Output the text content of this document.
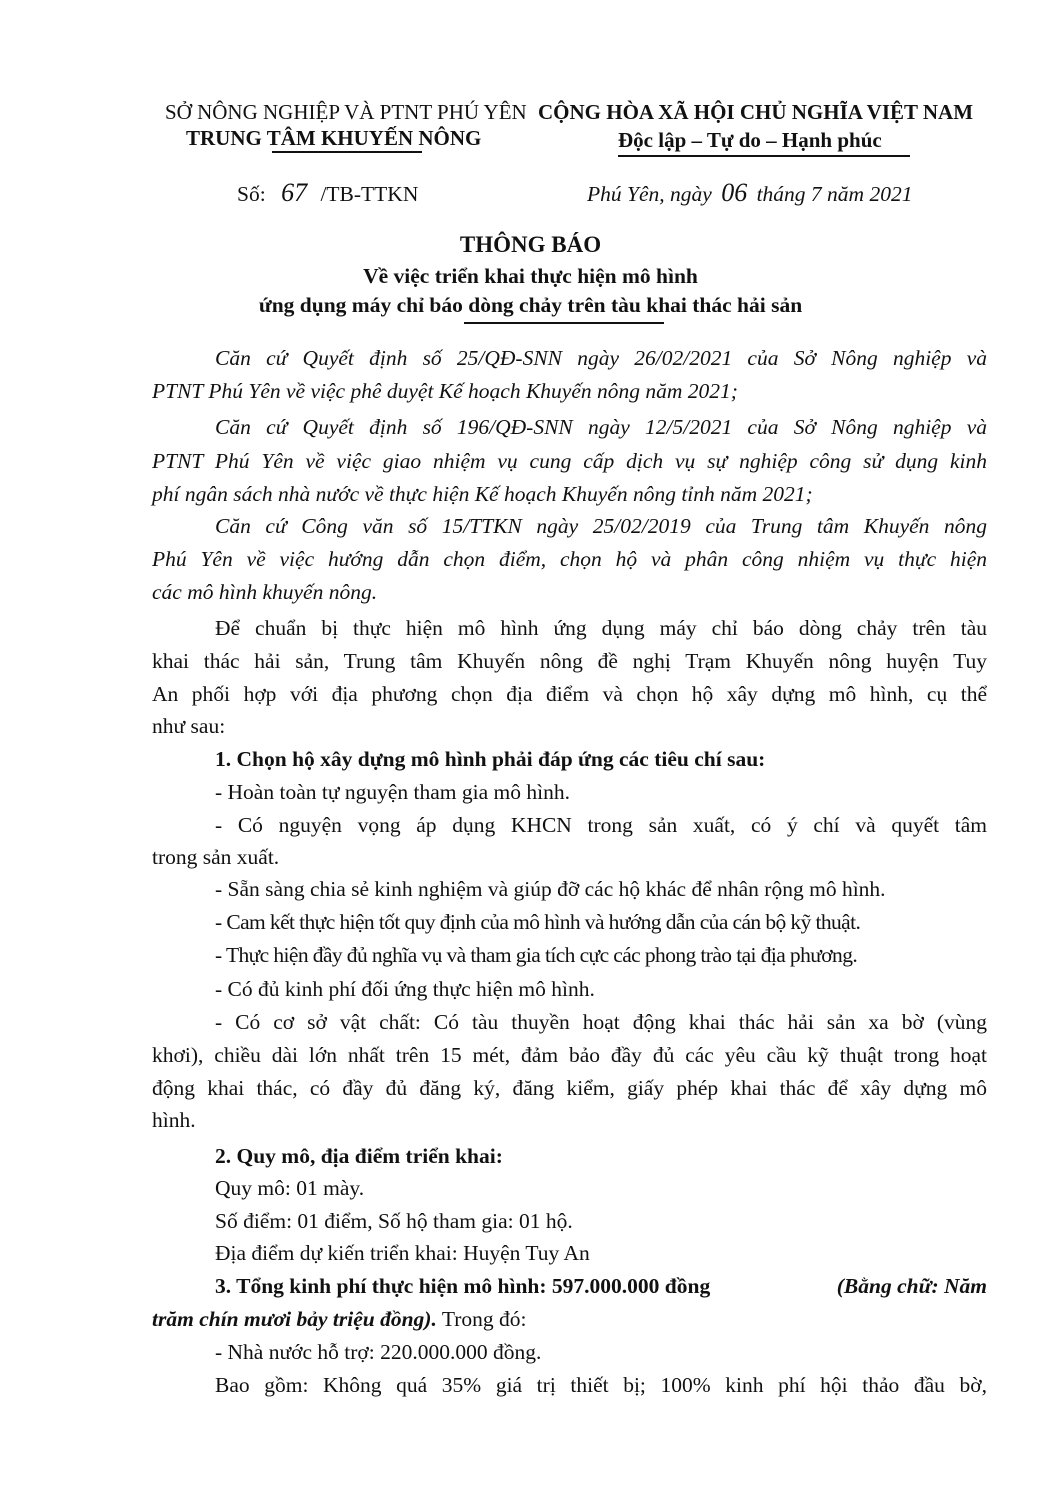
SỞ NÔNG NGHIỆP VÀ PTNT PHÚ YÊN
TRUNG TÂM KHUYẾN NÔNG
CỘNG HÒA XÃ HỘI CHỦ NGHĨA VIỆT NAM
Độc lập – Tự do – Hạnh phúc
Số: 67 /TB-TTKN	Phú Yên, ngày 06 tháng 7 năm 2021
THÔNG BÁO
Về việc triển khai thực hiện mô hình
ứng dụng máy chỉ báo dòng chảy trên tàu khai thác hải sản
Căn cứ Quyết định số 25/QĐ-SNN ngày 26/02/2021 của Sở Nông nghiệp và
PTNT Phú Yên về việc phê duyệt Kế hoạch Khuyến nông năm 2021;
Căn cứ Quyết định số 196/QĐ-SNN ngày 12/5/2021 của Sở Nông nghiệp và
PTNT Phú Yên về việc giao nhiệm vụ cung cấp dịch vụ sự nghiệp công sử dụng kinh
phí ngân sách nhà nước về thực hiện Kế hoạch Khuyến nông tỉnh năm 2021;
Căn cứ Công văn số 15/TTKN ngày 25/02/2019 của Trung tâm Khuyến nông
Phú Yên về việc hướng dẫn chọn điểm, chọn hộ và phân công nhiệm vụ thực hiện
các mô hình khuyến nông.
Để chuẩn bị thực hiện mô hình ứng dụng máy chỉ báo dòng chảy trên tàu
khai thác hải sản, Trung tâm Khuyến nông đề nghị Trạm Khuyến nông huyện Tuy
An phối hợp với địa phương chọn địa điểm và chọn hộ xây dựng mô hình, cụ thể
như sau:
1. Chọn hộ xây dựng mô hình phải đáp ứng các tiêu chí sau:
- Hoàn toàn tự nguyện tham gia mô hình.
- Có nguyện vọng áp dụng KHCN trong sản xuất, có ý chí và quyết tâm
trong sản xuất.
- Sẵn sàng chia sẻ kinh nghiệm và giúp đỡ các hộ khác để nhân rộng mô hình.
- Cam kết thực hiện tốt quy định của mô hình và hướng dẫn của cán bộ kỹ thuật.
- Thực hiện đầy đủ nghĩa vụ và tham gia tích cực các phong trào tại địa phương.
- Có đủ kinh phí đối ứng thực hiện mô hình.
- Có cơ sở vật chất: Có tàu thuyền hoạt động khai thác hải sản xa bờ (vùng
khơi), chiều dài lớn nhất trên 15 mét, đảm bảo đầy đủ các yêu cầu kỹ thuật trong hoạt
động khai thác, có đầy đủ đăng ký, đăng kiểm, giấy phép khai thác để xây dựng mô
hình.
2. Quy mô, địa điểm triển khai:
Quy mô: 01 mày.
Số điểm: 01 điểm, Số hộ tham gia: 01 hộ.
Địa điểm dự kiến triển khai: Huyện Tuy An
3. Tổng kinh phí thực hiện mô hình: 597.000.000 đồng	(Bằng chữ: Năm
trăm chín mươi bảy triệu đồng). Trong đó:
- Nhà nước hỗ trợ: 220.000.000 đồng.
Bao gồm: Không quá 35% giá trị thiết bị; 100% kinh phí hội thảo đầu bờ,
